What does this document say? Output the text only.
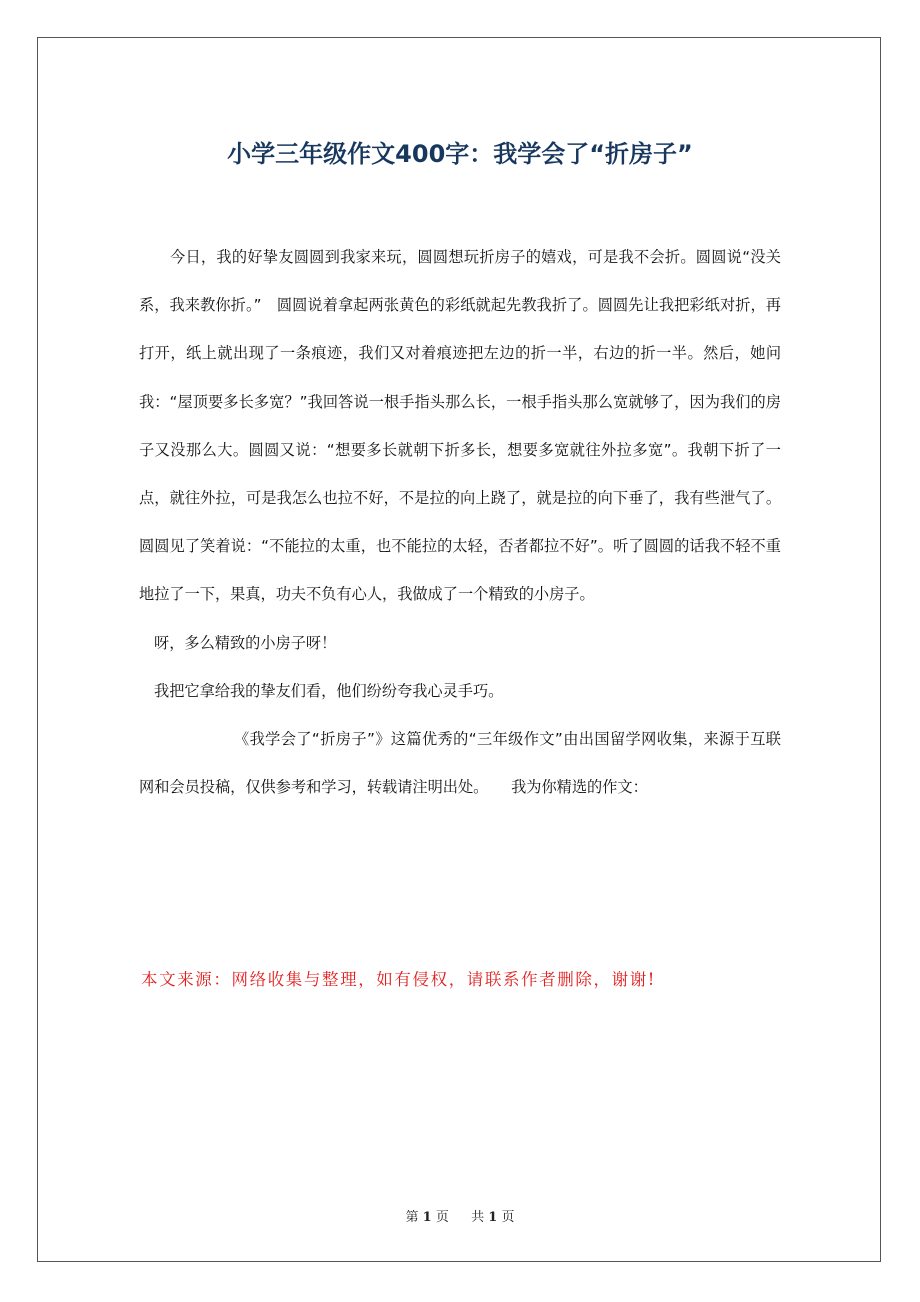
小学三年级作文400字：我学会了“折房子”

今日，我的好挚友圆圆到我家来玩，圆圆想玩折房子的嬉戏，可是我不会折。圆圆说“没关系，我来教你折。”　圆圆说着拿起两张黄色的彩纸就起先教我折了。圆圆先让我把彩纸对折，再打开，纸上就出现了一条痕迹，我们又对着痕迹把左边的折一半，右边的折一半。然后，她问我：“屋顶要多长多宽？”我回答说一根手指头那么长，一根手指头那么宽就够了，因为我们的房子又没那么大。圆圆又说：“想要多长就朝下折多长，想要多宽就往外拉多宽”。我朝下折了一点，就往外拉，可是我怎么也拉不好，不是拉的向上跷了，就是拉的向下垂了，我有些泄气了。圆圆见了笑着说：“不能拉的太重，也不能拉的太轻，否者都拉不好”。听了圆圆的话我不轻不重地拉了一下，果真，功夫不负有心人，我做成了一个精致的小房子。

呀，多么精致的小房子呀！

我把它拿给我的挚友们看，他们纷纷夸我心灵手巧。

《我学会了“折房子”》这篇优秀的“三年级作文”由出国留学网收集，来源于互联网和会员投稿，仅供参考和学习，转载请注明出处。　　我为你精选的作文：

本文来源：网络收集与整理，如有侵权，请联系作者删除，谢谢!
第 1 页 共 1 页
